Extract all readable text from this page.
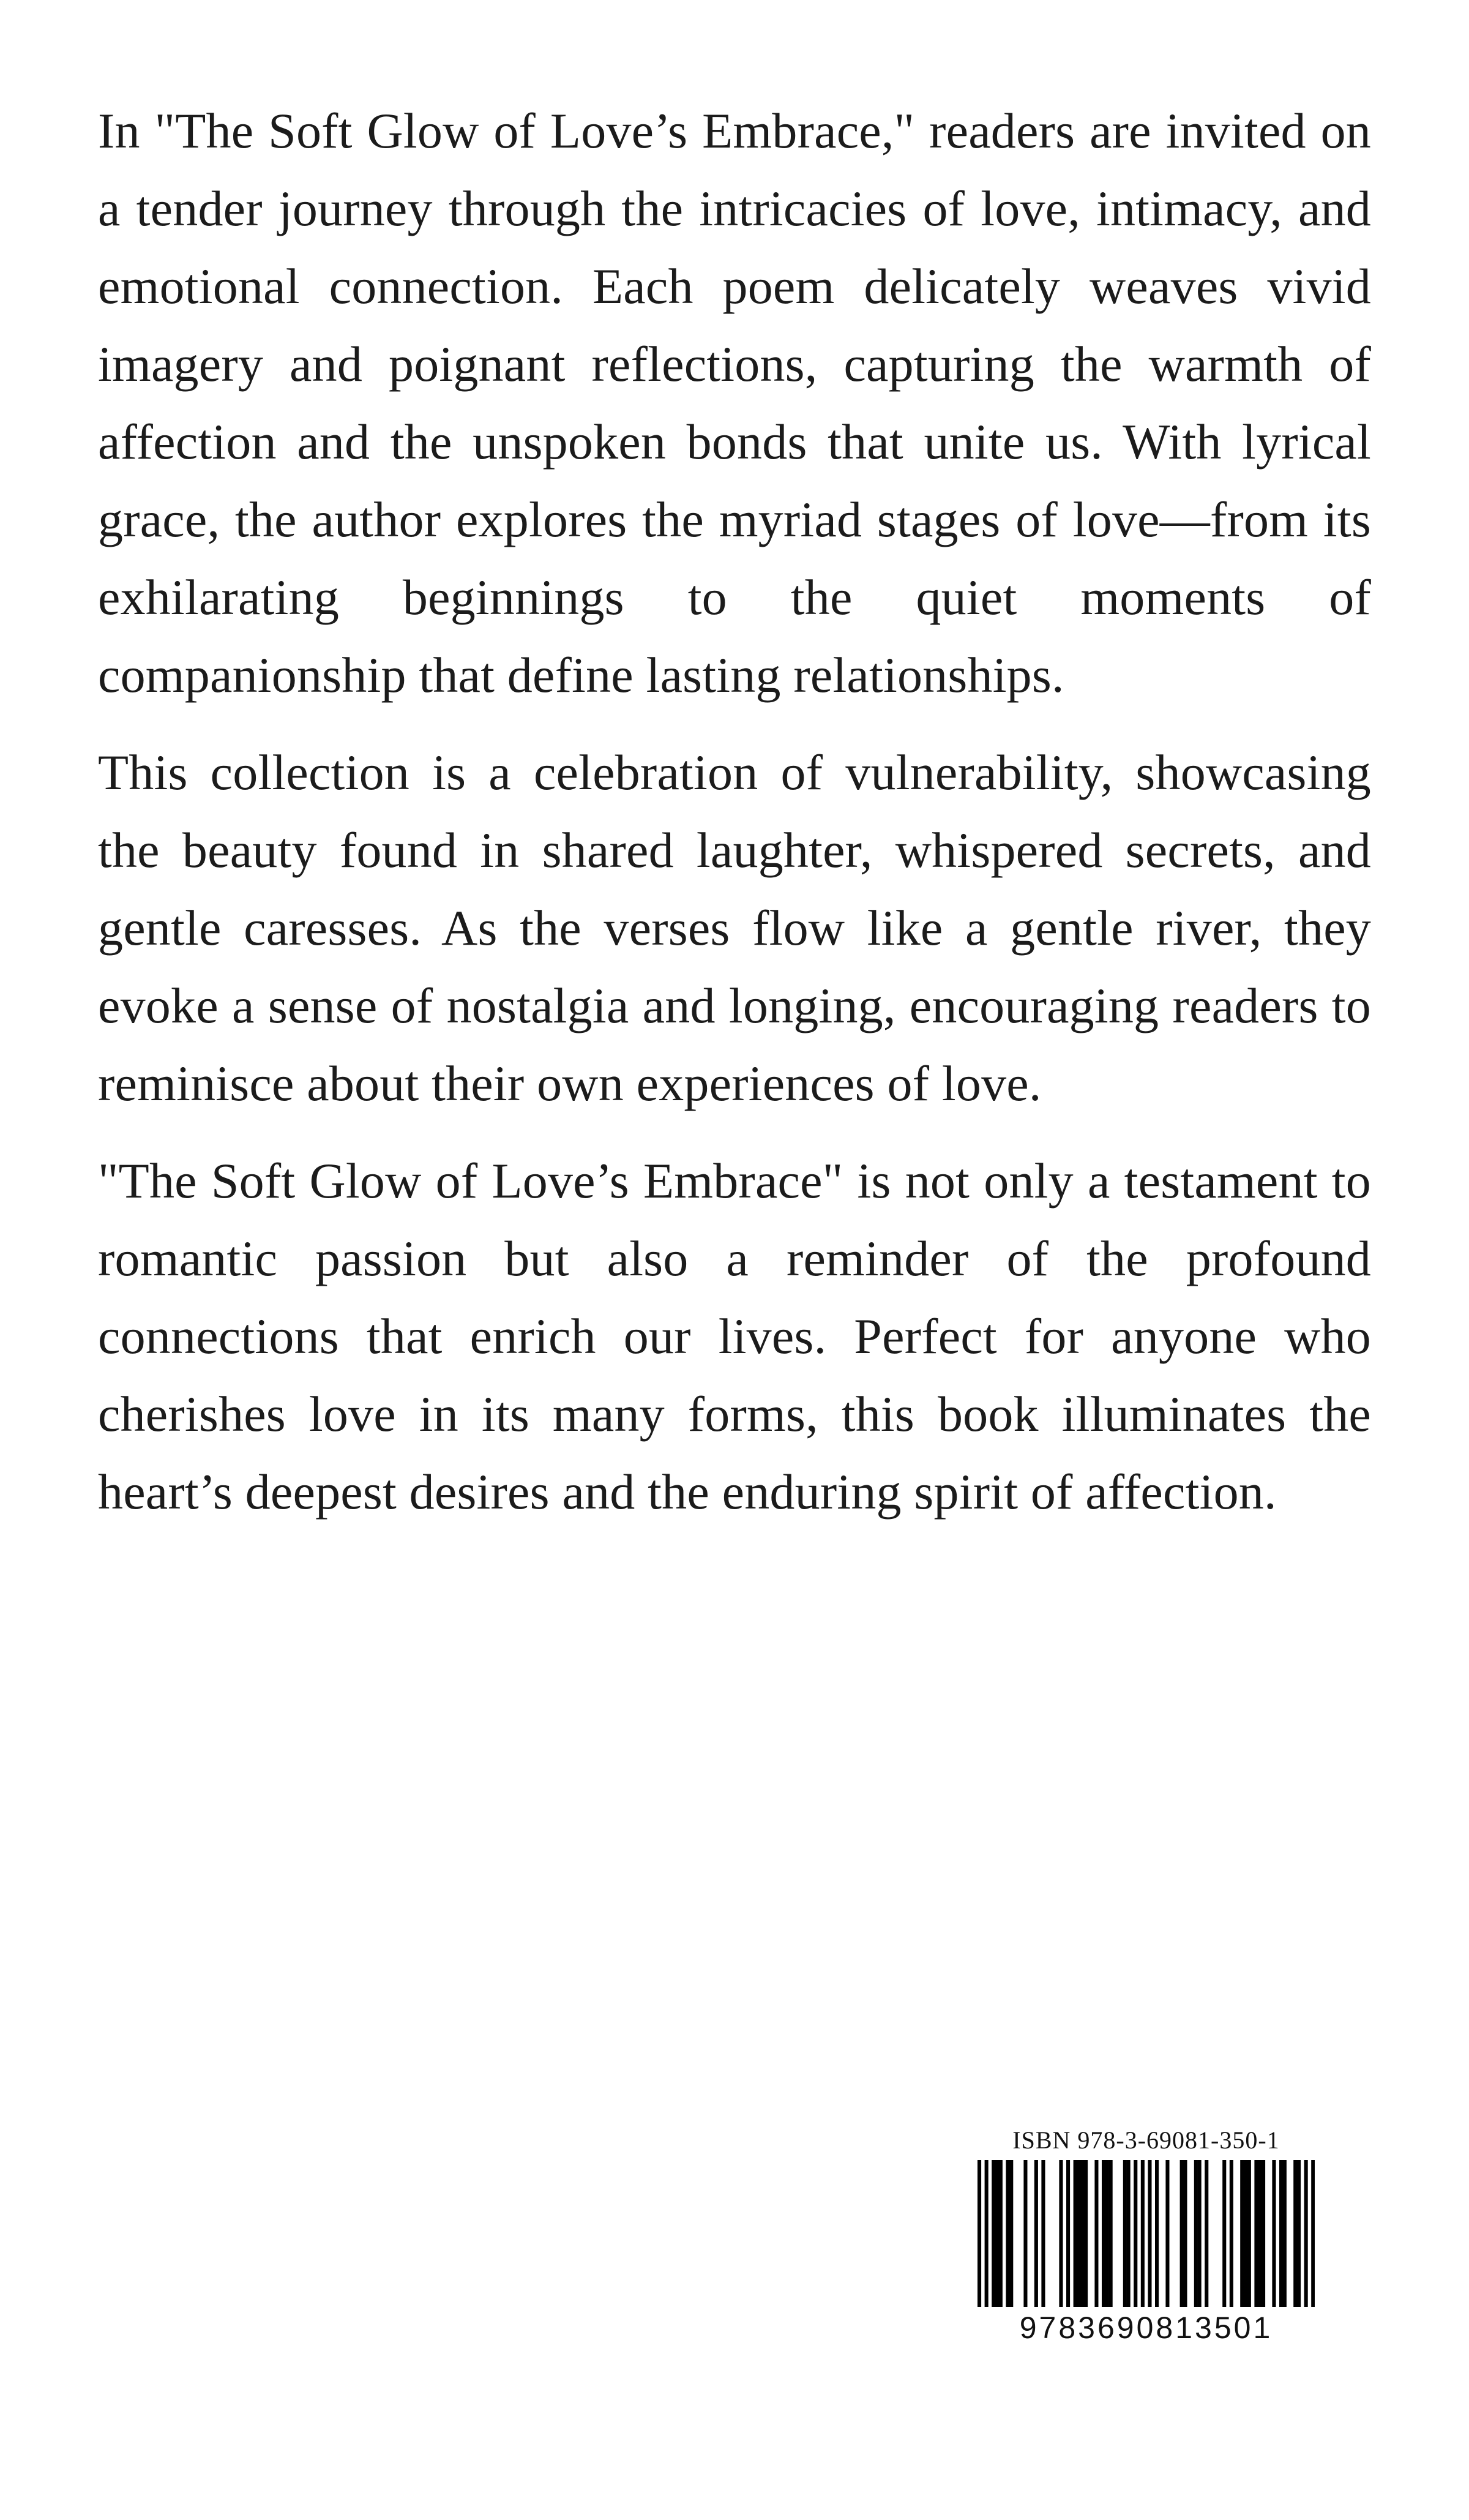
In "The Soft Glow of Love’s Embrace," readers are invited on a tender journey through the intricacies of love, intimacy, and emotional connection. Each poem delicately weaves vivid imagery and poignant reflections, capturing the warmth of affection and the unspoken bonds that unite us. With lyrical grace, the author explores the myriad stages of love—from its exhilarating beginnings to the quiet moments of companionship that define lasting relationships.

This collection is a celebration of vulnerability, showcasing the beauty found in shared laughter, whispered secrets, and gentle caresses. As the verses flow like a gentle river, they evoke a sense of nostalgia and longing, encouraging readers to reminisce about their own experiences of love.

"The Soft Glow of Love’s Embrace" is not only a testament to romantic passion but also a reminder of the profound connections that enrich our lives. Perfect for anyone who cherishes love in its many forms, this book illuminates the heart’s deepest desires and the enduring spirit of affection.

ISBN 978-3-69081-350-1
9783690813501
